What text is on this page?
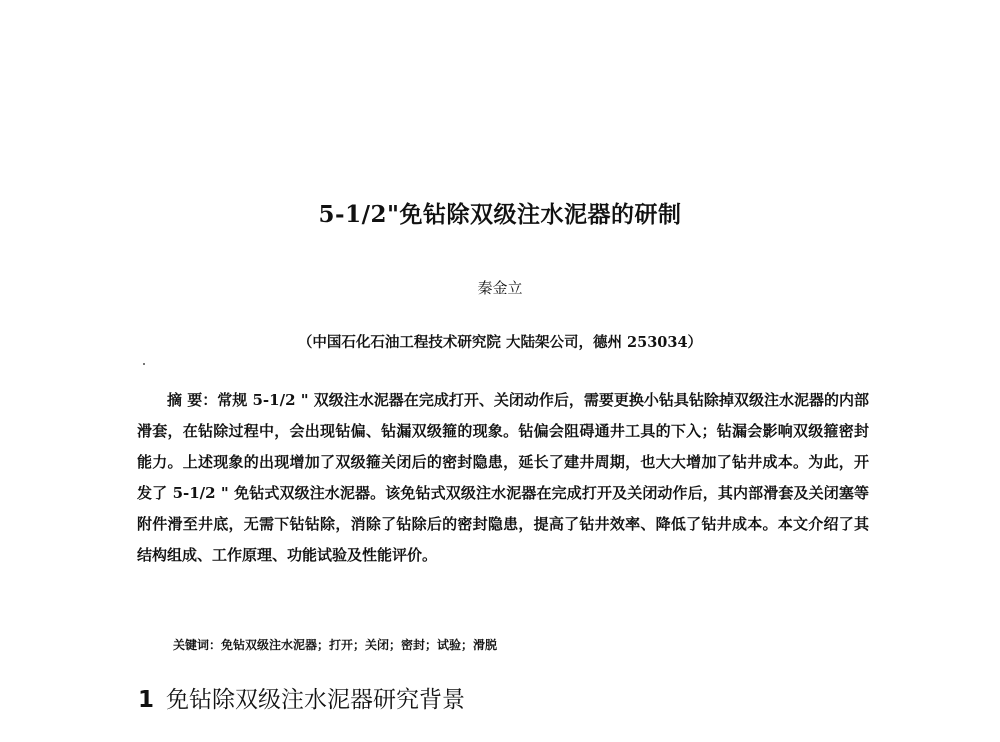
5-1/2"免钻除双级注水泥器的研制
秦金立
（中国石化石油工程技术研究院 大陆架公司，德州 253034）

摘 要：常规 5-1/2 " 双级注水泥器在完成打开、关闭动作后，需要更换小钻具钻除掉双级注水泥器的内部滑套，在钻除过程中，会出现钻偏、钻漏双级箍的现象。钻偏会阻碍通井工具的下入；钻漏会影响双级箍密封能力。上述现象的出现增加了双级箍关闭后的密封隐患，延长了建井周期，也大大增加了钻井成本。为此，开发了 5-1/2 " 免钻式双级注水泥器。该免钻式双级注水泥器在完成打开及关闭动作后，其内部滑套及关闭塞等附件滑至井底，无需下钻钻除，消除了钻除后的密封隐患，提高了钻井效率、降低了钻井成本。本文介绍了其结构组成、工作原理、功能试验及性能评价。

关键词：免钻双级注水泥器；打开；关闭；密封；试验；滑脱
1 免钻除双级注水泥器研究背景
